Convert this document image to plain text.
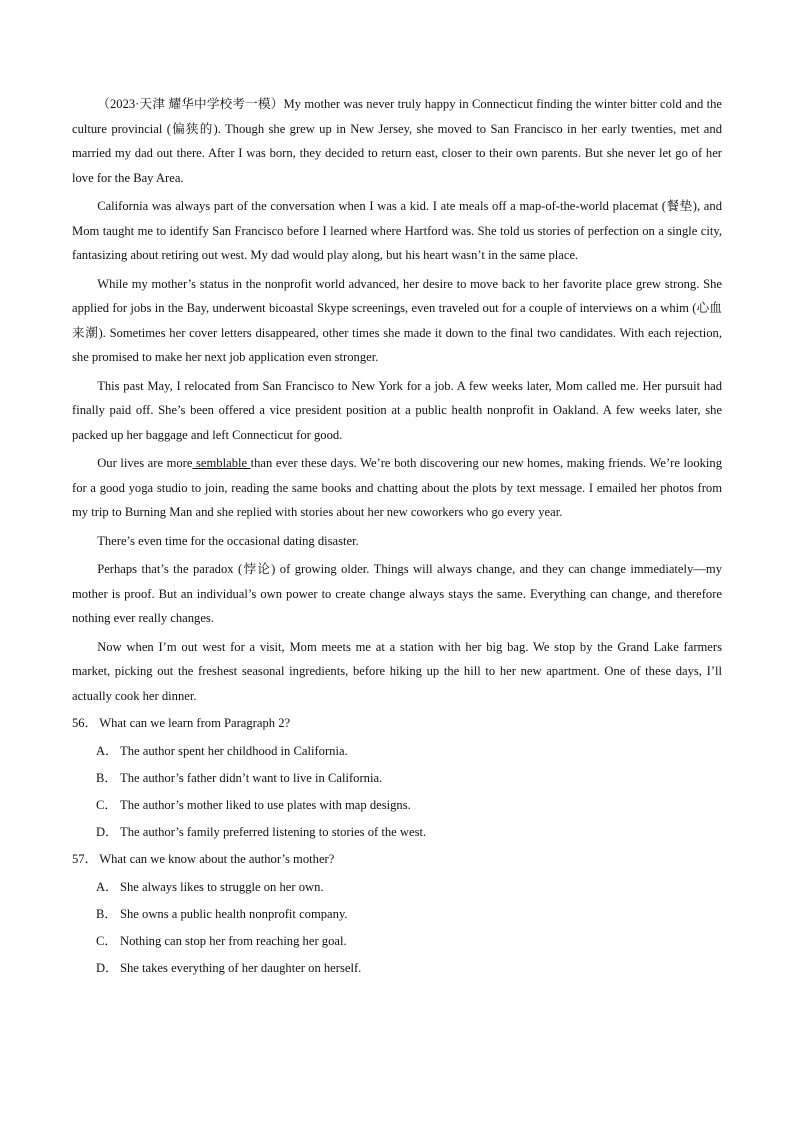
（2023·天津 耀华中学校考一模）My mother was never truly happy in Connecticut finding the winter bitter cold and the culture provincial (偏狭的). Though she grew up in New Jersey, she moved to San Francisco in her early twenties, met and married my dad out there. After I was born, they decided to return east, closer to their own parents. But she never let go of her love for the Bay Area.

California was always part of the conversation when I was a kid. I ate meals off a map-of-the-world placemat (餐垫), and Mom taught me to identify San Francisco before I learned where Hartford was. She told us stories of perfection on a single city, fantasizing about retiring out west. My dad would play along, but his heart wasn’t in the same place.

While my mother’s status in the nonprofit world advanced, her desire to move back to her favorite place grew strong. She applied for jobs in the Bay, underwent bicoastal Skype screenings, even traveled out for a couple of interviews on a whim (心血来潮). Sometimes her cover letters disappeared, other times she made it down to the final two candidates. With each rejection, she promised to make her next job application even stronger.

This past May, I relocated from San Francisco to New York for a job. A few weeks later, Mom called me. Her pursuit had finally paid off. She’s been offered a vice president position at a public health nonprofit in Oakland. A few weeks later, she packed up her baggage and left Connecticut for good.

Our lives are more semblable than ever these days. We’re both discovering our new homes, making friends. We’re looking for a good yoga studio to join, reading the same books and chatting about the plots by text message. I emailed her photos from my trip to Burning Man and she replied with stories about her new coworkers who go every year.

There’s even time for the occasional dating disaster.

Perhaps that’s the paradox (悖论) of growing older. Things will always change, and they can change immediately—my mother is proof. But an individual’s own power to create change always stays the same. Everything can change, and therefore nothing ever really changes.

Now when I’m out west for a visit, Mom meets me at a station with her big bag. We stop by the Grand Lake farmers market, picking out the freshest seasonal ingredients, before hiking up the hill to her new apartment. One of these days, I’ll actually cook her dinner.

56． What can we learn from Paragraph 2?
A． The author spent her childhood in California.
B． The author’s father didn’t want to live in California.
C． The author’s mother liked to use plates with map designs.
D． The author’s family preferred listening to stories of the west.
57． What can we know about the author’s mother?
A． She always likes to struggle on her own.
B． She owns a public health nonprofit company.
C． Nothing can stop her from reaching her goal.
D． She takes everything of her daughter on herself.
